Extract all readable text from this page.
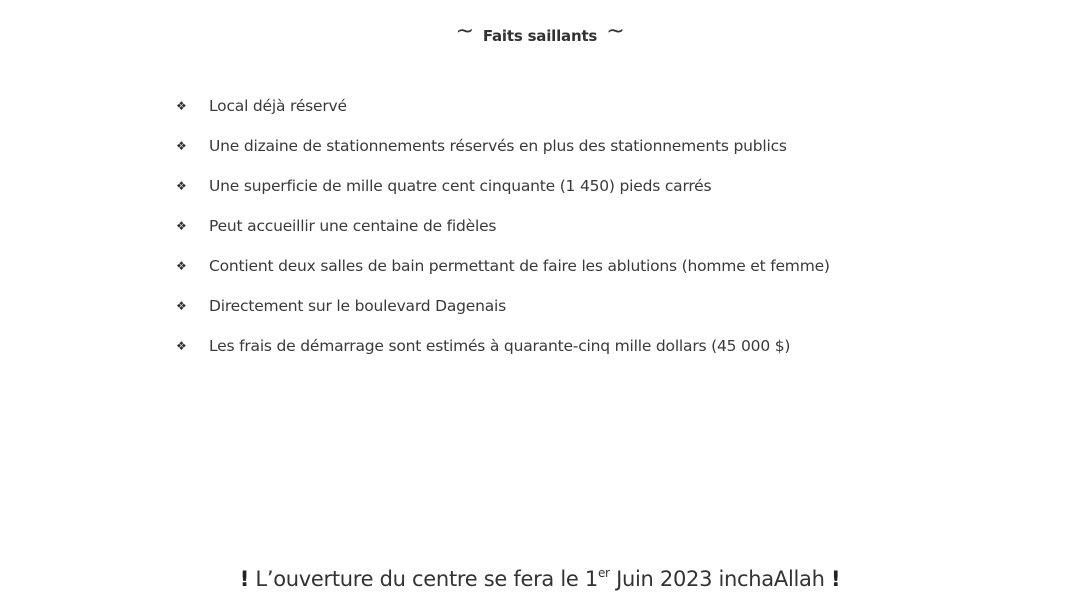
~ Faits saillants ~
❖	Local déjà réservé
❖	Une dizaine de stationnements réservés en plus des stationnements publics
❖	Une superficie de mille quatre cent cinquante (1 450) pieds carrés
❖	Peut accueillir une centaine de fidèles
❖	Contient deux salles de bain permettant de faire les ablutions (homme et femme)
❖	Directement sur le boulevard Dagenais
❖	Les frais de démarrage sont estimés à quarante-cinq mille dollars (45 000 $)
! L’ouverture du centre se fera le 1er Juin 2023 inchaAllah !
